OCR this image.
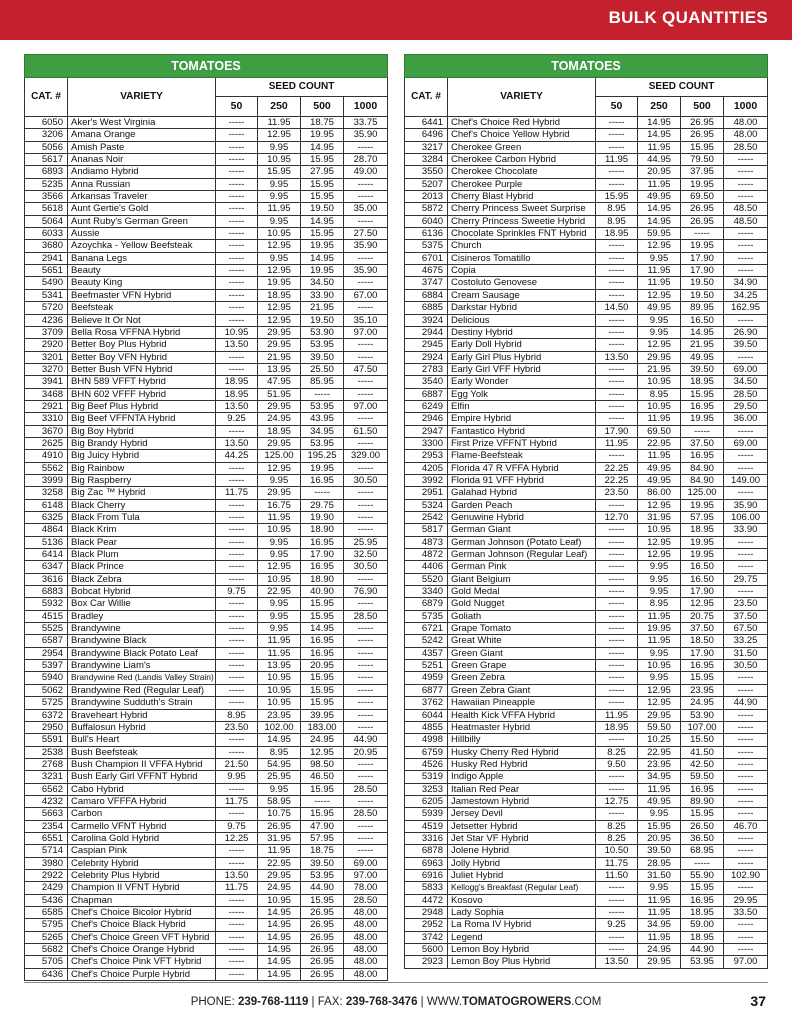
BULK QUANTITIES
TOMATOES					
CAT. #	VARIETY	SEED COUNT			
		50	250	500	1000
6050	Aker's West Virginia	-----	11.95	18.75	33.75
3206	Amana Orange	-----	12.95	19.95	35.90
5056	Amish Paste	-----	9.95	14.95	-----
5617	Ananas Noir	-----	10.95	15.95	28.70
6893	Andiamo Hybrid	-----	15.95	27.95	49.00
5235	Anna Russian	-----	9.95	15.95	-----
3566	Arkansas Traveler	-----	9.95	15.95	-----
5618	Aunt Gertie's Gold	-----	11.95	19.50	35.00
5064	Aunt Ruby's German Green	-----	9.95	14.95	-----
6033	Aussie	-----	10.95	15.95	27.50
3680	Azoychka - Yellow Beefsteak	-----	12.95	19.95	35.90
2941	Banana Legs	-----	9.95	14.95	-----
5651	Beauty	-----	12.95	19.95	35.90
5490	Beauty King	-----	19.95	34.50	-----
5341	Beefmaster VFN Hybrid	-----	18.95	33.90	67.00
5720	Beefsteak	-----	12.95	21.95	-----
4236	Believe It Or Not	-----	12.95	19.50	35.10
3709	Bella Rosa VFFNA Hybrid	10.95	29.95	53.90	97.00
2920	Better Boy Plus Hybrid	13.50	29.95	53.95	-----
3201	Better Boy VFN Hybrid	-----	21.95	39.50	-----
3270	Better Bush VFN Hybrid	-----	13.95	25.50	47.50
3941	BHN 589 VFFT Hybrid	18.95	47.95	85.95	-----
3468	BHN 602 VFFF Hybrid	18.95	51.95	-----	-----
2921	Big Beef Plus Hybrid	13.50	29.95	53.95	97.00
3310	Big Beef VFFNTA Hybrid	9.25	24.95	43.95	-----
3670	Big Boy Hybrid	-----	18.95	34.95	61.50
2625	Big Brandy Hybrid	13.50	29.95	53.95	-----
4910	Big Juicy Hybrid	44.25	125.00	195.25	329.00
5562	Big Rainbow	-----	12.95	19.95	-----
3999	Big Raspberry	-----	9.95	16.95	30.50
3258	Big Zac ™ Hybrid	11.75	29.95	-----	-----
6148	Black Cherry	-----	16.75	29.75	-----
6325	Black From Tula	-----	11.95	19.90	-----
4864	Black Krim	-----	10.95	18.90	-----
5136	Black Pear	-----	9.95	16.95	25.95
6414	Black Plum	-----	9.95	17.90	32.50
6347	Black Prince	-----	12.95	16.95	30.50
3616	Black Zebra	-----	10.95	18.90	-----
6883	Bobcat Hybrid	9.75	22.95	40.90	76.90
5932	Box Car Willie	-----	9.95	15.95	-----
4515	Bradley	-----	9.95	15.95	28.50
5525	Brandywine	-----	9.95	14.95	-----
6587	Brandywine Black	-----	11.95	16.95	-----
2954	Brandywine Black Potato Leaf	-----	11.95	16.95	-----
5397	Brandywine Liam's	-----	13.95	20.95	-----
5940	Brandywine Red (Landis Valley Strain)	-----	10.95	15.95	-----
5062	Brandywine Red (Regular Leaf)	-----	10.95	15.95	-----
5725	Brandywine Sudduth's Strain	-----	10.95	15.95	-----
6372	Braveheart Hybrid	8.95	23.95	39.95	-----
2950	Buffalosun Hybrid	23.50	102.00	183.00	-----
5591	Bull's Heart	-----	14.95	24.95	44.90
2538	Bush Beefsteak	-----	8.95	12.95	20.95
2768	Bush Champion II VFFA Hybrid	21.50	54.95	98.50	-----
3231	Bush Early Girl VFFNT Hybrid	9.95	25.95	46.50	-----
6562	Cabo Hybrid	-----	9.95	15.95	28.50
4232	Camaro VFFFA Hybrid	11.75	58.95	-----	-----
5663	Carbon	-----	10.75	15.95	28.50
2354	Carmello VFNT Hybrid	9.75	26.95	47.90	-----
6551	Carolina Gold Hybrid	12.25	31.95	57.95	-----
5714	Caspian Pink	-----	11.95	18.75	-----
3980	Celebrity Hybrid	-----	22.95	39.50	69.00
2922	Celebrity Plus Hybrid	13.50	29.95	53.95	97.00
2429	Champion II VFNT Hybrid	11.75	24.95	44.90	78.00
5436	Chapman	-----	10.95	15.95	28.50
6585	Chef's Choice Bicolor Hybrid	-----	14.95	26.95	48.00
5795	Chef's Choice Black Hybrid	-----	14.95	26.95	48.00
5265	Chef's Choice Green VFT Hybrid	-----	14.95	26.95	48.00
5682	Chef's Choice Orange Hybrid	-----	14.95	26.95	48.00
5705	Chef's Choice Pink VFT Hybrid	-----	14.95	26.95	48.00
6436	Chef's Choice Purple Hybrid	-----	14.95	26.95	48.00
TOMATOES					
CAT. #	VARIETY	SEED COUNT			
		50	250	500	1000
6441	Chef's Choice Red Hybrid	-----	14.95	26.95	48.00
6496	Chef's Choice Yellow Hybrid	-----	14.95	26.95	48.00
3217	Cherokee Green	-----	11.95	15.95	28.50
3284	Cherokee Carbon Hybrid	11.95	44.95	79.50	-----
3550	Cherokee Chocolate	-----	20.95	37.95	-----
5207	Cherokee Purple	-----	11.95	19.95	-----
2013	Cherry Blast Hybrid	15.95	49.95	69.50	-----
5872	Cherry Princess Sweet Surprise	8.95	14.95	26.95	48.50
6040	Cherry Princess Sweetie Hybrid	8.95	14.95	26.95	48.50
6136	Chocolate Sprinkles FNT Hybrid	18.95	59.95	-----	-----
5375	Church	-----	12.95	19.95	-----
6701	Cisineros Tomatillo	-----	9.95	17.90	-----
4675	Copia	-----	11.95	17.90	-----
3747	Costoluto Genovese	-----	11.95	19.50	34.90
6884	Cream Sausage	-----	12.95	19.50	34.25
6885	Darkstar Hybrid	14.50	49.95	89.95	162.95
3924	Delicious	-----	9.95	16.50	-----
2944	Destiny Hybrid	-----	9.95	14.95	26.90
2945	Early Doll Hybrid	-----	12.95	21.95	39.50
2924	Early Girl Plus Hybrid	13.50	29.95	49.95	-----
2783	Early Girl VFF Hybrid	-----	21.95	39.50	69.00
3540	Early Wonder	-----	10.95	18.95	34.50
6887	Egg Yolk	-----	8.95	15.95	28.50
6249	Elfin	-----	10.95	16.95	29.50
2946	Empire Hybrid	-----	11.95	19.95	36.00
2947	Fantastico Hybrid	17.90	69.50	-----	-----
3300	First Prize VFFNT Hybrid	11.95	22.95	37.50	69.00
2953	Flame-Beefsteak	-----	11.95	16.95	-----
4205	Florida 47 R VFFA Hybrid	22.25	49.95	84.90	-----
3992	Florida 91 VFF Hybrid	22.25	49.95	84.90	149.00
2951	Galahad Hybrid	23.50	86.00	125.00	-----
5324	Garden Peach	-----	12.95	19.95	35.90
2542	Genuwine Hybrid	12.70	31.95	57.95	106.00
5817	German Giant	-----	10.95	18.95	33.90
4873	German Johnson (Potato Leaf)	-----	12.95	19.95	-----
4872	German Johnson (Regular Leaf)	-----	12.95	19.95	-----
4406	German Pink	-----	9.95	16.50	-----
5520	Giant Belgium	-----	9.95	16.50	29.75
3340	Gold Medal	-----	9.95	17.90	-----
6879	Gold Nugget	-----	8.95	12.95	23.50
5735	Goliath	-----	11.95	20.75	37.50
6721	Grape Tomato	-----	19.95	37.50	67.50
5242	Great White	-----	11.95	18.50	33.25
4357	Green Giant	-----	9.95	17.90	31.50
5251	Green Grape	-----	10.95	16.95	30.50
4959	Green Zebra	-----	9.95	15.95	-----
6877	Green Zebra Giant	-----	12.95	23.95	-----
3762	Hawaiian Pineapple	-----	12.95	24.95	44.90
6044	Health Kick VFFA Hybrid	11.95	29.95	53.90	-----
4855	Heatmaster Hybrid	18.95	59.50	107.00	-----
4998	Hillbilly	-----	10.25	15.50	-----
6759	Husky Cherry Red Hybrid	8.25	22.95	41.50	-----
4526	Husky Red Hybrid	9.50	23.95	42.50	-----
5319	Indigo Apple	-----	34.95	59.50	-----
3253	Italian Red Pear	-----	11.95	16.95	-----
6205	Jamestown Hybrid	12.75	49.95	89.90	-----
5939	Jersey Devil	-----	9.95	15.95	-----
4519	Jetsetter Hybrid	8.25	15.95	26.50	46.70
3316	Jet Star VF Hybrid	8.25	20.95	36.50	-----
6878	Jolene Hybrid	10.50	39.50	68.95	-----
6963	Jolly Hybrid	11.75	28.95	-----	-----
6916	Juliet Hybrid	11.50	31.50	55.90	102.90
5833	Kellogg's Breakfast (Regular Leaf)	-----	9.95	15.95	-----
4472	Kosovo	-----	11.95	16.95	29.95
2948	Lady Sophia	-----	11.95	18.95	33.50
2952	La Roma IV Hybrid	9.25	34.95	59.00	-----
3742	Legend	-----	11.95	18.95	-----
5600	Lemon Boy Hybrid	-----	24.95	44.90	-----
2923	Lemon Boy Plus Hybrid	13.50	29.95	53.95	97.00
PHONE: 239-768-1119 | FAX: 239-768-3476 | WWW.TOMATOGROWERS.COM	37
